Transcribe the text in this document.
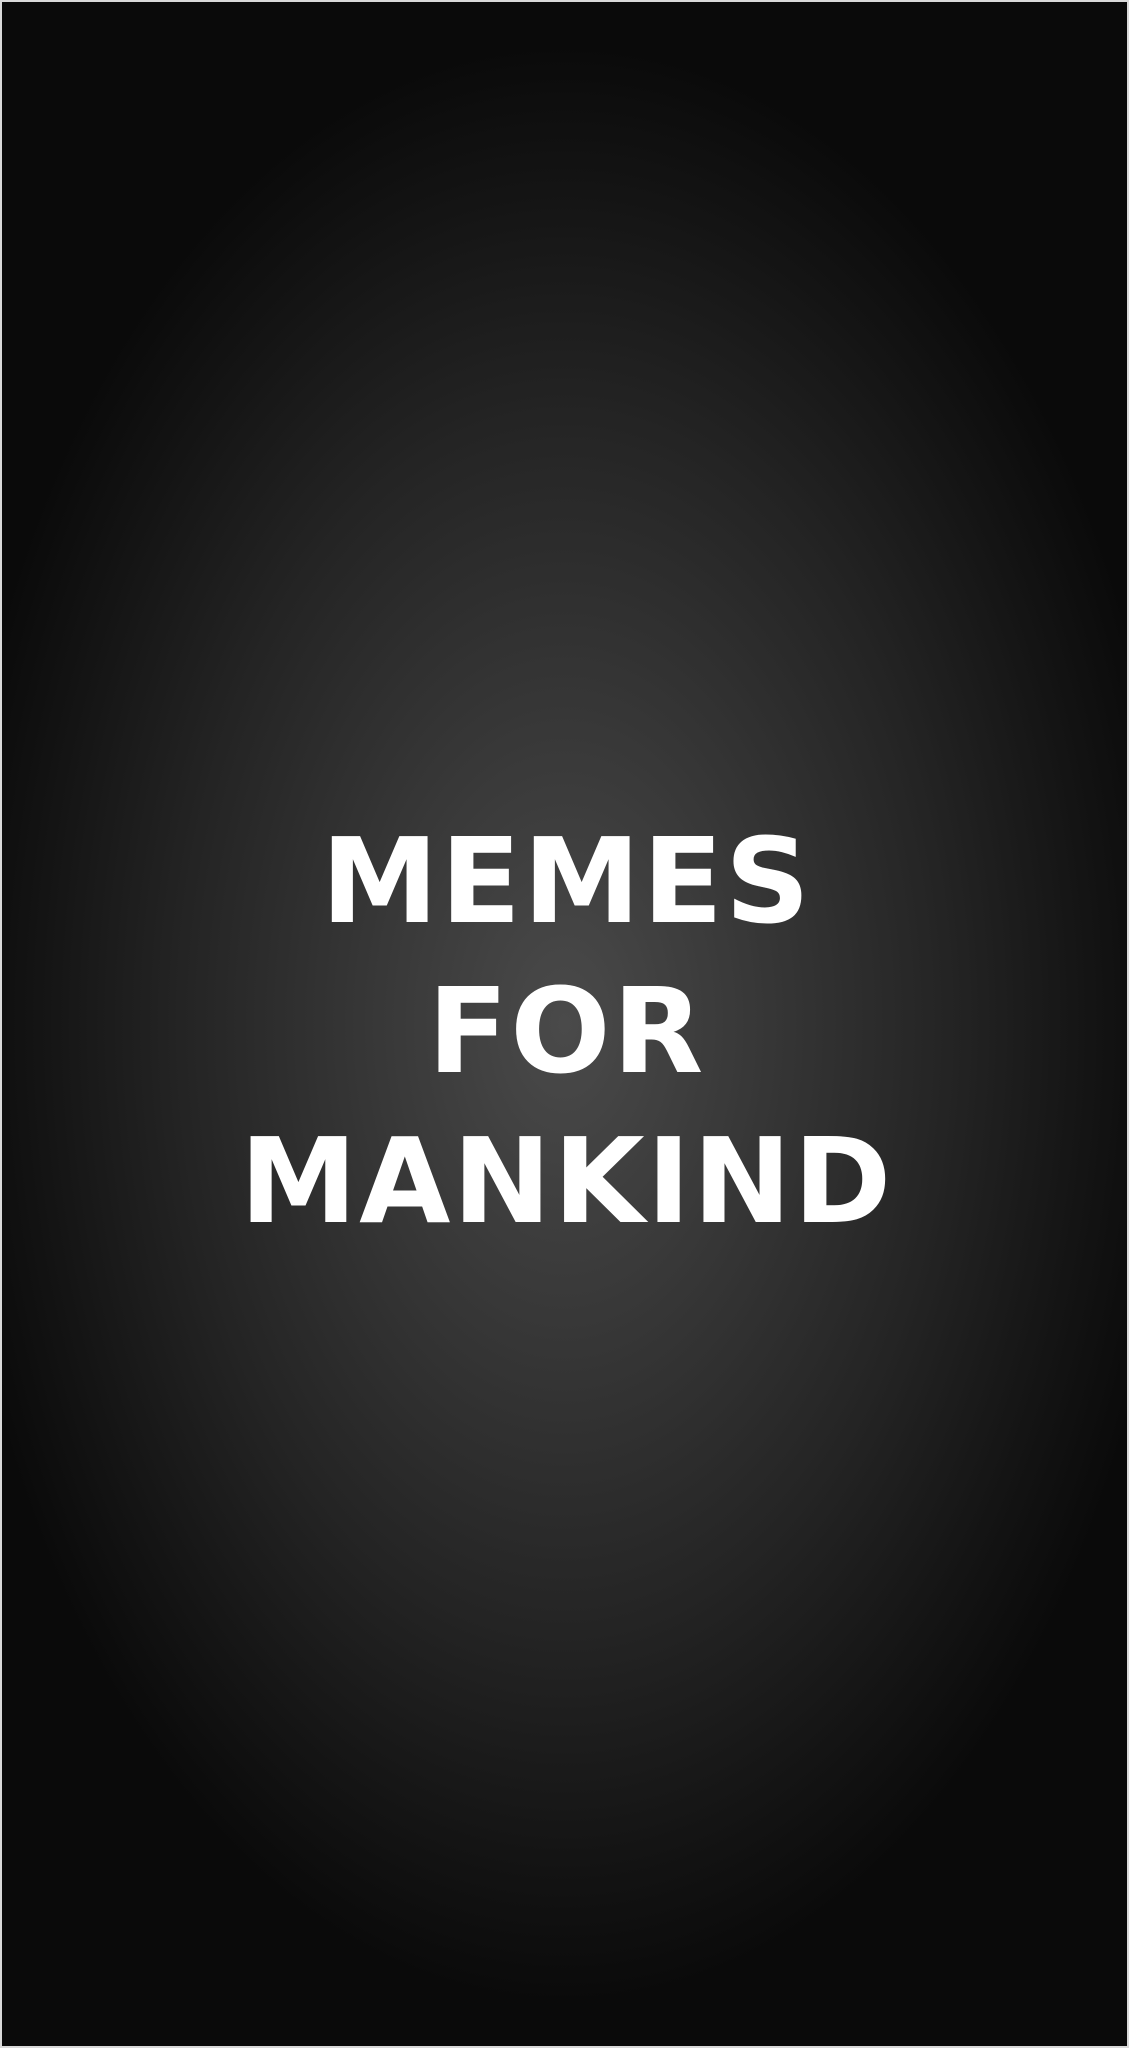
MEMES
FOR
MANKIND
